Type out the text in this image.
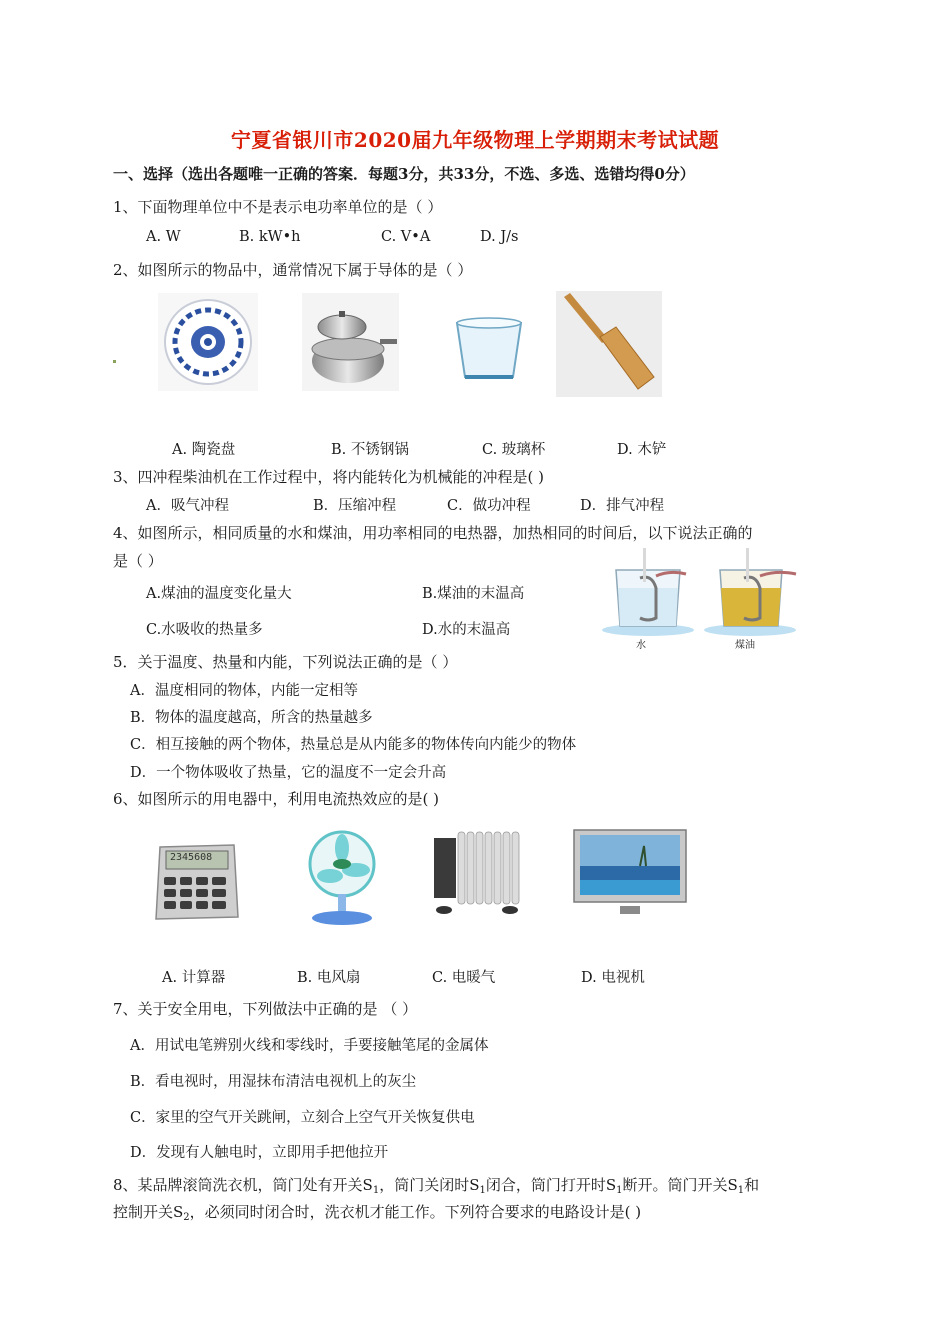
宁夏省银川市2020届九年级物理上学期期末考试试题
一、选择（选出各题唯一正确的答案．每题3分，共33分，不选、多选、选错均得0分）
1、下面物理单位中不是表示电功率单位的是（ ）
A. W	B. kW•h	C. V•A	D. J/s
2、如图所示的物品中，通常情况下属于导体的是（ ）
A. 陶瓷盘	B. 不锈钢锅	C. 玻璃杯	D. 木铲
3、四冲程柴油机在工作过程中，将内能转化为机械能的冲程是( )
A．吸气冲程	B．压缩冲程	C．做功冲程	D．排气冲程
4、如图所示，相同质量的水和煤油，用功率相同的电热器，加热相同的时间后，以下说法正确的
是（ ）
A.煤油的温度变化量大	B.煤油的末温高
C.水吸收的热量多	D.水的末温高
水	煤油
5．关于温度、热量和内能，下列说法正确的是（ ）
A．温度相同的物体，内能一定相等
B．物体的温度越高，所含的热量越多
C．相互接触的两个物体，热量总是从内能多的物体传向内能少的物体
D．一个物体吸收了热量，它的温度不一定会升高
6、如图所示的用电器中，利用电流热效应的是( )
2345608
A. 计算器	B. 电风扇	C. 电暖气	D. 电视机
7、关于安全用电，下列做法中正确的是 （ ）
A．用试电笔辨别火线和零线时，手要接触笔尾的金属体
B．看电视时，用湿抹布清洁电视机上的灰尘
C．家里的空气开关跳闸，立刻合上空气开关恢复供电
D．发现有人触电时，立即用手把他拉开
8、某品牌滚筒洗衣机，筒门处有开关$S_1$，筒门关闭时$S_1$闭合，筒门打开时$S_1$断开。筒门开关$S_1$和
控制开关$S_2$，必须同时闭合时，洗衣机才能工作。下列符合要求的电路设计是( )
